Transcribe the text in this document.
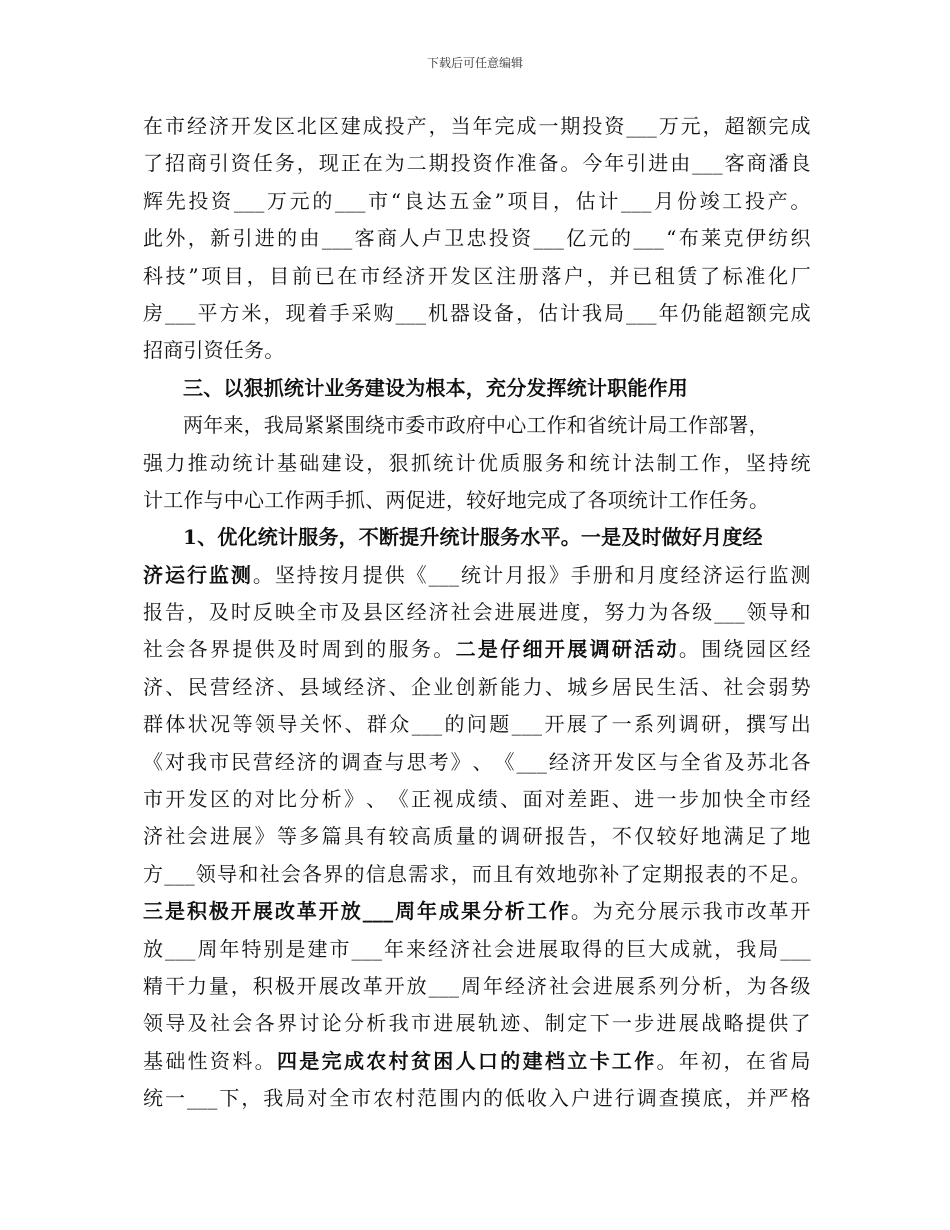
下载后可任意编辑
在 市 经 济 开 发 区 北 区 建 成 投 产 ， 当 年 完 成 一 期 投 资 ___ 万 元 ， 超 额 完 成
了 招 商 引 资 任 务 ， 现 正 在 为 二 期 投 资 作 准 备 。 今 年 引 进 由 ___ 客 商 潘 良
辉 先 投 资 ___ 万 元 的 ___ 市 “ 良 达 五 金 ” 项 目 ， 估 计 ___ 月 份 竣 工 投 产 。
此 外 ， 新 引 进 的 由 ___ 客 商 人 卢 卫 忠 投 资 ___ 亿 元 的 ___ “ 布 莱 克 伊 纺 织
科 技 ” 项 目 ， 目 前 已 在 市 经 济 开 发 区 注 册 落 户 ， 并 已 租 赁 了 标 准 化 厂
房 ___ 平 方 米 ， 现 着 手 采 购 ___ 机 器 设 备 ， 估 计 我 局 ___ 年 仍 能 超 额 完 成
招商引资任务。
三、以狠抓统计业务建设为根本，充分发挥统计职能作用
两年来，我局紧紧围绕市委市政府中心工作和省统计局工作部署，
强 力 推 动 统 计 基 础 建 设 ， 狠 抓 统 计 优 质 服 务 和 统 计 法 制 工 作 ， 坚 持 统
计工作与中心工作两手抓、两促进，较好地完成了各项统计工作任务。
1、优化统计服务，不断提升统计服务水平。一是及时做好月度经
济 运 行 监 测 。 坚 持 按 月 提 供 《 ___ 统 计 月 报 》 手 册 和 月 度 经 济 运 行 监 测
报 告 ， 及 时 反 映 全 市 及 县 区 经 济 社 会 进 展 进 度 ， 努 力 为 各 级 ___ 领 导 和
社 会 各 界 提 供 及 时 周 到 的 服 务 。 二 是 仔 细 开 展 调 研 活 动 。 围 绕 园 区 经
济 、 民 营 经 济 、 县 域 经 济 、 企 业 创 新 能 力 、 城 乡 居 民 生 活 、 社 会 弱 势
群 体 状 况 等 领 导 关 怀 、 群 众 ___ 的 问 题 ___ 开 展 了 一 系 列 调 研 ， 撰 写 出
《 对 我 市 民 营 经 济 的 调 查 与 思 考 》 、 《 ___ 经 济 开 发 区 与 全 省 及 苏 北 各
市 开 发 区 的 对 比 分 析 》 、 《 正 视 成 绩 、 面 对 差 距 、 进 一 步 加 快 全 市 经
济 社 会 进 展 》 等 多 篇 具 有 较 高 质 量 的 调 研 报 告 ， 不 仅 较 好 地 满 足 了 地
方 ___ 领 导 和 社 会 各 界 的 信 息 需 求 ， 而 且 有 效 地 弥 补 了 定 期 报 表 的 不 足 。
三 是 积 极 开 展 改 革 开 放 ___ 周 年 成 果 分 析 工 作 。 为 充 分 展 示 我 市 改 革 开
放 ___ 周 年 特 别 是 建 市 ___ 年 来 经 济 社 会 进 展 取 得 的 巨 大 成 就 ， 我 局 ___
精 干 力 量 ， 积 极 开 展 改 革 开 放 ___ 周 年 经 济 社 会 进 展 系 列 分 析 ， 为 各 级
领 导 及 社 会 各 界 讨 论 分 析 我 市 进 展 轨 迹 、 制 定 下 一 步 进 展 战 略 提 供 了
基 础 性 资 料 。 四 是 完 成 农 村 贫 困 人 口 的 建 档 立 卡 工 作 。 年 初 ， 在 省 局
统 一 ___ 下 ， 我 局 对 全 市 农 村 范 围 内 的 低 收 入 户 进 行 调 查 摸 底 ， 并 严 格
